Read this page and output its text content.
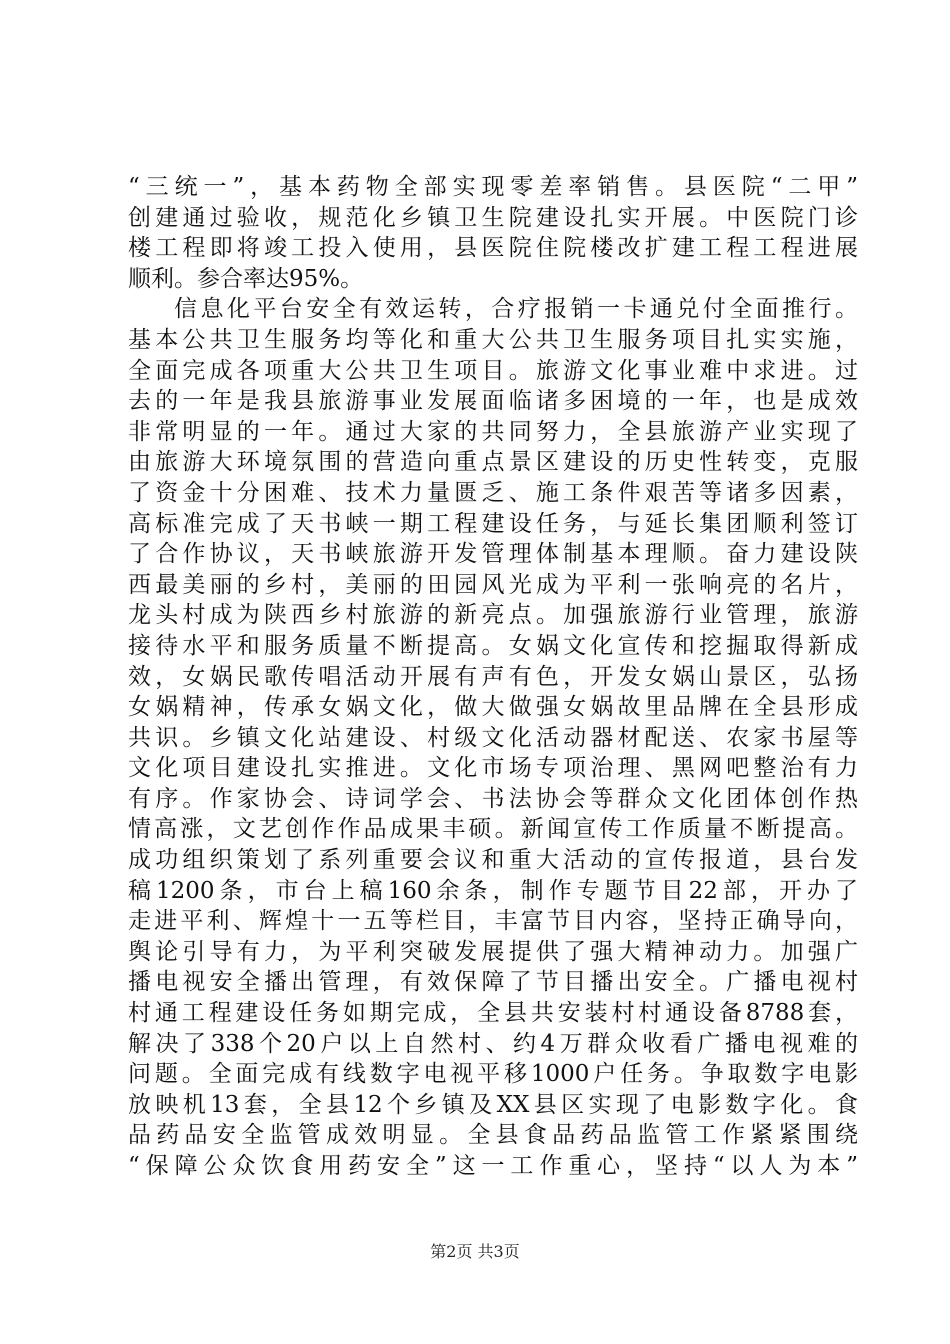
“三统一”，基本药物全部实现零差率销售。县医院“二甲”
创建通过验收，规范化乡镇卫生院建设扎实开展。中医院门诊
楼工程即将竣工投入使用，县医院住院楼改扩建工程工程进展
顺利。参合率达95%。
信息化平台安全有效运转，合疗报销一卡通兑付全面推行。
基本公共卫生服务均等化和重大公共卫生服务项目扎实实施，
全面完成各项重大公共卫生项目。旅游文化事业难中求进。过
去的一年是我县旅游事业发展面临诸多困境的一年，也是成效
非常明显的一年。通过大家的共同努力，全县旅游产业实现了
由旅游大环境氛围的营造向重点景区建设的历史性转变，克服
了资金十分困难、技术力量匮乏、施工条件艰苦等诸多因素，
高标准完成了天书峡一期工程建设任务，与延长集团顺利签订
了合作协议，天书峡旅游开发管理体制基本理顺。奋力建设陕
西最美丽的乡村，美丽的田园风光成为平利一张响亮的名片，
龙头村成为陕西乡村旅游的新亮点。加强旅游行业管理，旅游
接待水平和服务质量不断提高。女娲文化宣传和挖掘取得新成
效，女娲民歌传唱活动开展有声有色，开发女娲山景区，弘扬
女娲精神，传承女娲文化，做大做强女娲故里品牌在全县形成
共识。乡镇文化站建设、村级文化活动器材配送、农家书屋等
文化项目建设扎实推进。文化市场专项治理、黑网吧整治有力
有序。作家协会、诗词学会、书法协会等群众文化团体创作热
情高涨，文艺创作作品成果丰硕。新闻宣传工作质量不断提高。
成功组织策划了系列重要会议和重大活动的宣传报道，县台发
稿1200条，市台上稿160余条，制作专题节目22部，开办了
走进平利、辉煌十一五等栏目，丰富节目内容，坚持正确导向，
舆论引导有力，为平利突破发展提供了强大精神动力。加强广
播电视安全播出管理，有效保障了节目播出安全。广播电视村
村通工程建设任务如期完成，全县共安装村村通设备8788套，
解决了338个20户以上自然村、约4万群众收看广播电视难的
问题。全面完成有线数字电视平移1000户任务。争取数字电影
放映机13套，全县12个乡镇及XX县区实现了电影数字化。食
品药品安全监管成效明显。全县食品药品监管工作紧紧围绕
“保障公众饮食用药安全”这一工作重心，坚持“以人为本”
第2页 共3页
